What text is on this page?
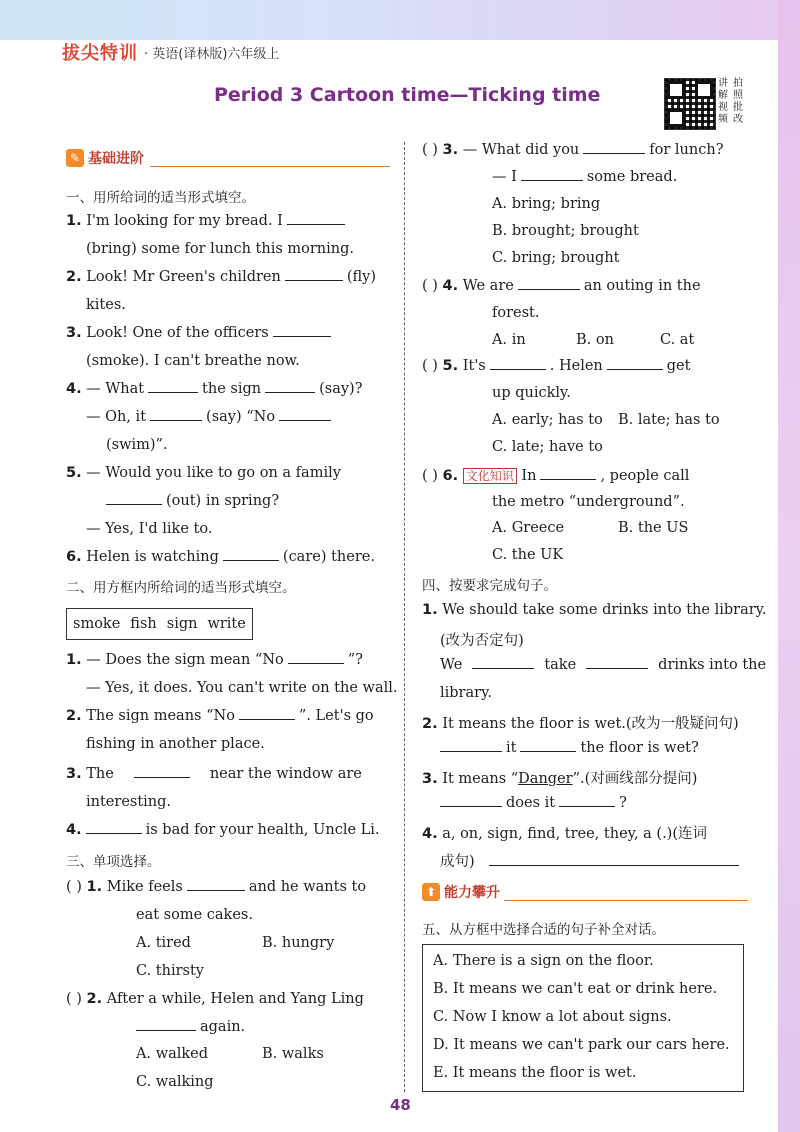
拔尖特训 · 英语(译林版)六年级上
Period 3 Cartoon time—Ticking time
讲 拍
解 照
视 批
频 改
✎ 基础进阶
一、用所给词的适当形式填空。
1. I'm looking for my bread. I
(bring) some for lunch this morning.
2. Look! Mr Green's children	(fly)
kites.
3. Look! One of the officers
(smoke). I can't breathe now.
4. — What	the sign	(say)?
— Oh, it	(say) “No
(swim)”.
5. — Would you like to go on a family
(out) in spring?
— Yes, I'd like to.
6. Helen is watching	(care) there.
二、用方框内所给词的适当形式填空。
smoke fish sign write
1. — Does the sign mean “No	”?
— Yes, it does. You can't write on the wall.
2. The sign means “No	”. Let's go
fishing in another place.
3. The	near the window are
interesting.
4.	is bad for your health, Uncle Li.
三、单项选择。
( ) 1. Mike feels	and he wants to
eat some cakes.
A. tired	B. hungry
C. thirsty
( ) 2. After a while, Helen and Yang Ling
again.
A. walked	B. walks
C. walking
( ) 3. — What did you	for lunch?
— I	some bread.
A. bring; bring
B. brought; brought
C. bring; brought
( ) 4. We are	an outing in the
forest.
A. in	B. on	C. at
( ) 5. It's	. Helen	get
up quickly.
A. early; has to B. late; has to
C. late; have to
( ) 6. 文化知识 In	, people call
the metro “underground”.
A. Greece	B. the US
C. the UK
四、按要求完成句子。
1. We should take some drinks into the library.
(改为否定句)
We	take	drinks into the
library.
2. It means the floor is wet.(改为一般疑问句)
it	the floor is wet?
3. It means “Danger”.(对画线部分提问)
does it	?
4. a, on, sign, find, tree, they, a (.)(连词
成句)
⬆ 能力攀升
五、从方框中选择合适的句子补全对话。
A. There is a sign on the floor.
B. It means we can't eat or drink here.
C. Now I know a lot about signs.
D. It means we can't park our cars here.
E. It means the floor is wet.
48
